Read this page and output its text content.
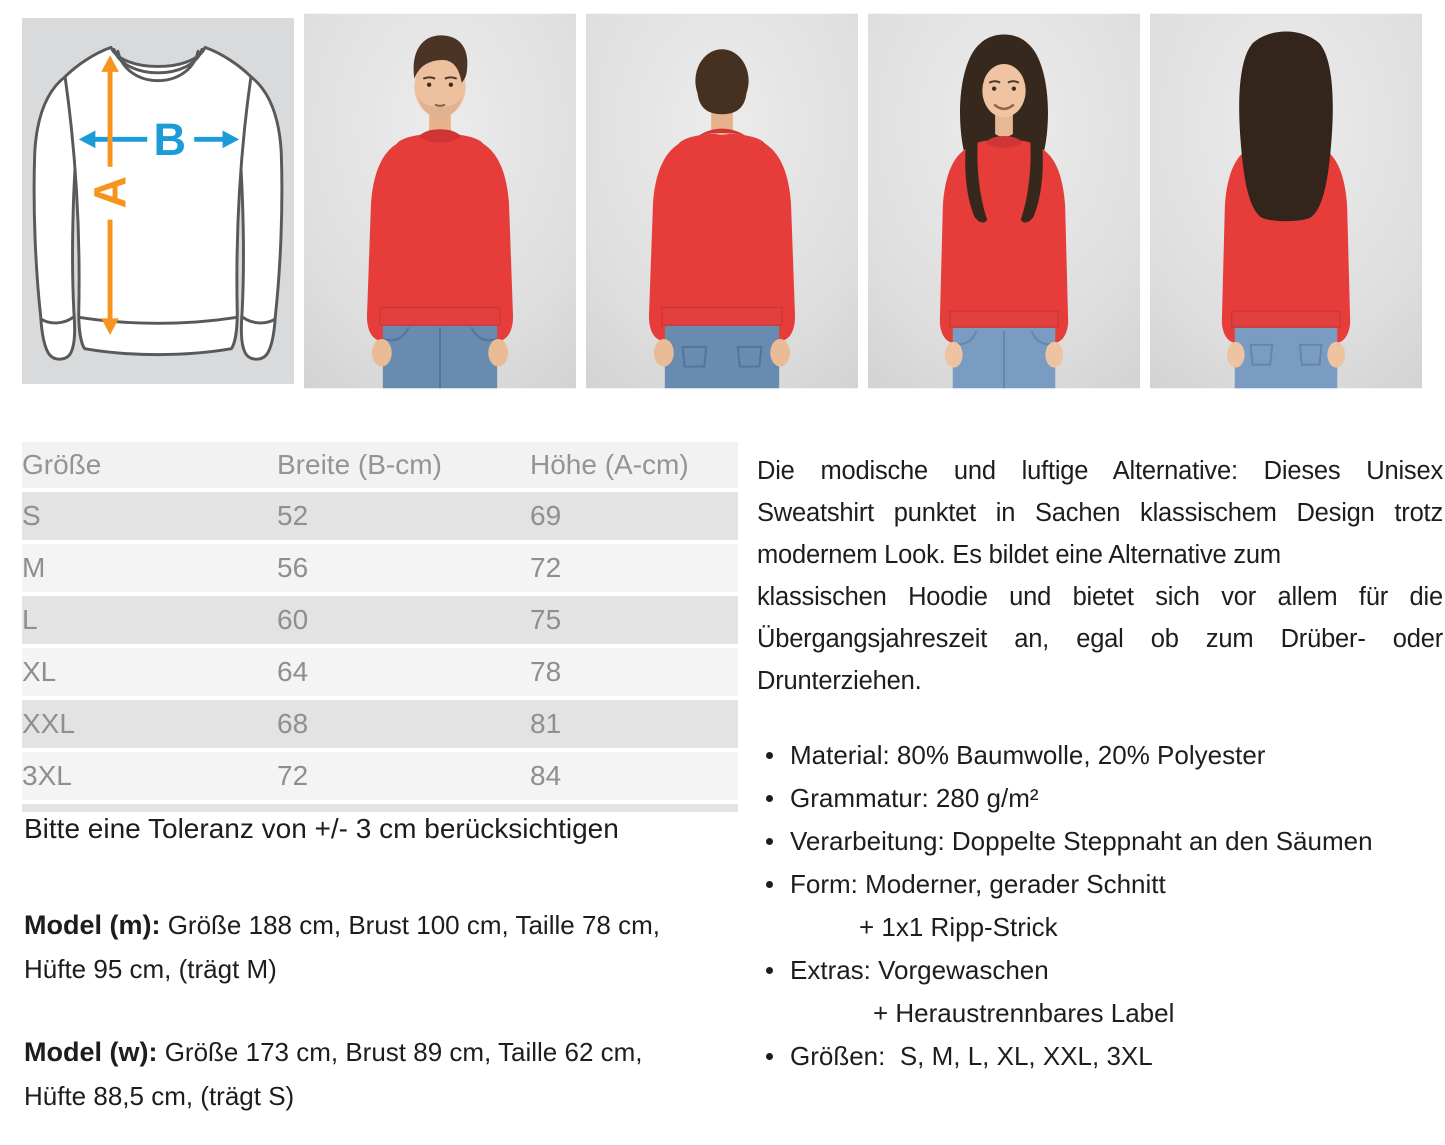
A
B
Größe	Breite (B-cm)	Höhe (A-cm)
S	52	69
M	56	72
L	60	75
XL	64	78
XXL	68	81
3XL	72	84
Bitte eine Toleranz von +/- 3 cm berücksichtigen
Model (m): Größe 188 cm, Brust 100 cm, Taille 78 cm,
Hüfte 95 cm, (trägt M)
Model (w): Größe 173 cm, Brust 89 cm, Taille 62 cm,
Hüfte 88,5 cm, (trägt S)
Die modische und luftige Alternative: Dieses Unisex
Sweatshirt punktet in Sachen klassischem Design trotz
modernem Look. Es bildet eine Alternative zum
klassischen Hoodie und bietet sich vor allem für die
Übergangsjahreszeit an, egal ob zum Drüber- oder
Drunterziehen.
Material: 80% Baumwolle, 20% Polyester
Grammatur: 280 g/m²
Verarbeitung: Doppelte Steppnaht an den Säumen
Form: Moderner, gerader Schnitt
+ 1x1 Ripp-Strick
Extras: Vorgewaschen
+ Heraustrennbares Label
Größen:  S, M, L, XL, XXL, 3XL
